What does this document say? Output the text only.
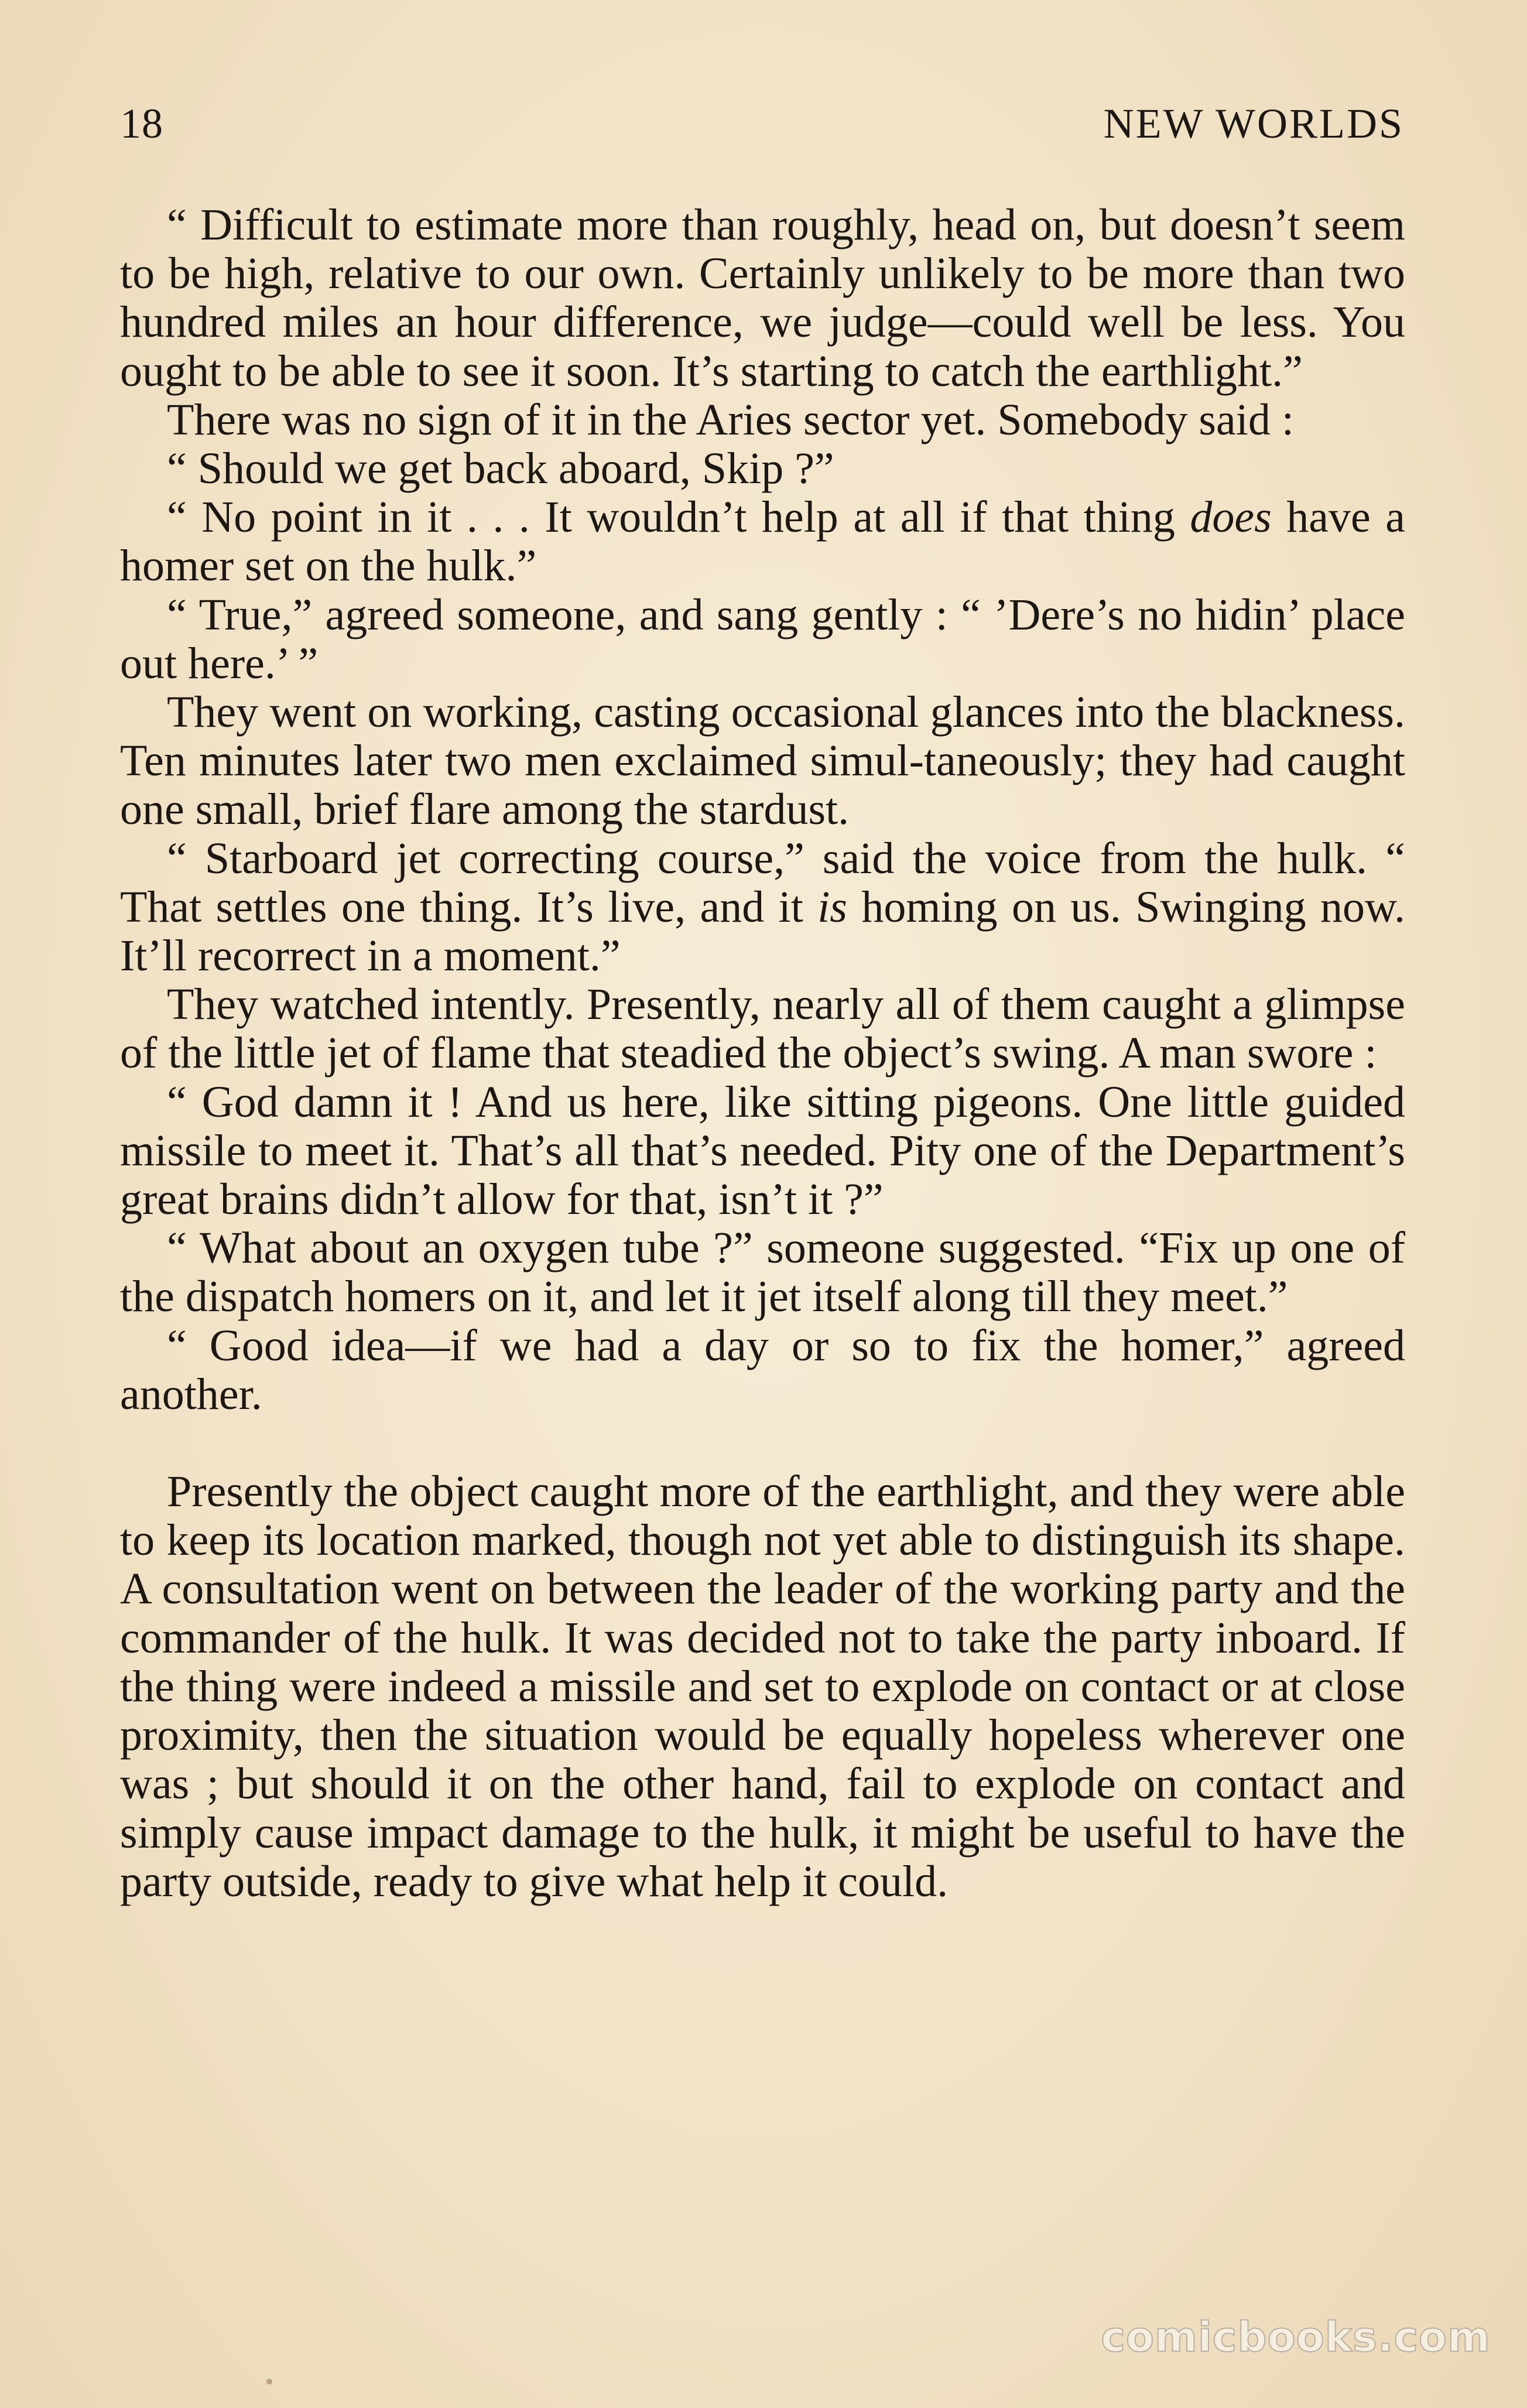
18	NEW WORLDS

“ Difficult to estimate more than roughly, head on, but doesn’t seem to be high, relative to our own. Certainly unlikely to be more than two hundred miles an hour difference, we judge—could well be less. You ought to be able to see it soon. It’s starting to catch the earthlight.”

There was no sign of it in the Aries sector yet. Somebody said :

“ Should we get back aboard, Skip ?”

“ No point in it . . . It wouldn’t help at all if that thing does have a homer set on the hulk.”

“ True,” agreed someone, and sang gently : “ ’Dere’s no hidin’ place out here.’ ”

They went on working, casting occasional glances into the blackness. Ten minutes later two men exclaimed simul-taneously; they had caught one small, brief flare among the stardust.

“ Starboard jet correcting course,” said the voice from the hulk. “ That settles one thing. It’s live, and it is homing on us. Swinging now. It’ll recorrect in a moment.”

They watched intently. Presently, nearly all of them caught a glimpse of the little jet of flame that steadied the object’s swing. A man swore :

“ God damn it ! And us here, like sitting pigeons. One little guided missile to meet it. That’s all that’s needed. Pity one of the Department’s great brains didn’t allow for that, isn’t it ?”

“ What about an oxygen tube ?” someone suggested. “Fix up one of the dispatch homers on it, and let it jet itself along till they meet.”

“ Good idea—if we had a day or so to fix the homer,” agreed another.

Presently the object caught more of the earthlight, and they were able to keep its location marked, though not yet able to distinguish its shape. A consultation went on between the leader of the working party and the commander of the hulk. It was decided not to take the party inboard. If the thing were indeed a missile and set to explode on contact or at close proximity, then the situation would be equally hopeless wherever one was ; but should it on the other hand, fail to explode on contact and simply cause impact damage to the hulk, it might be useful to have the party outside, ready to give what help it could.

comicbooks.com
